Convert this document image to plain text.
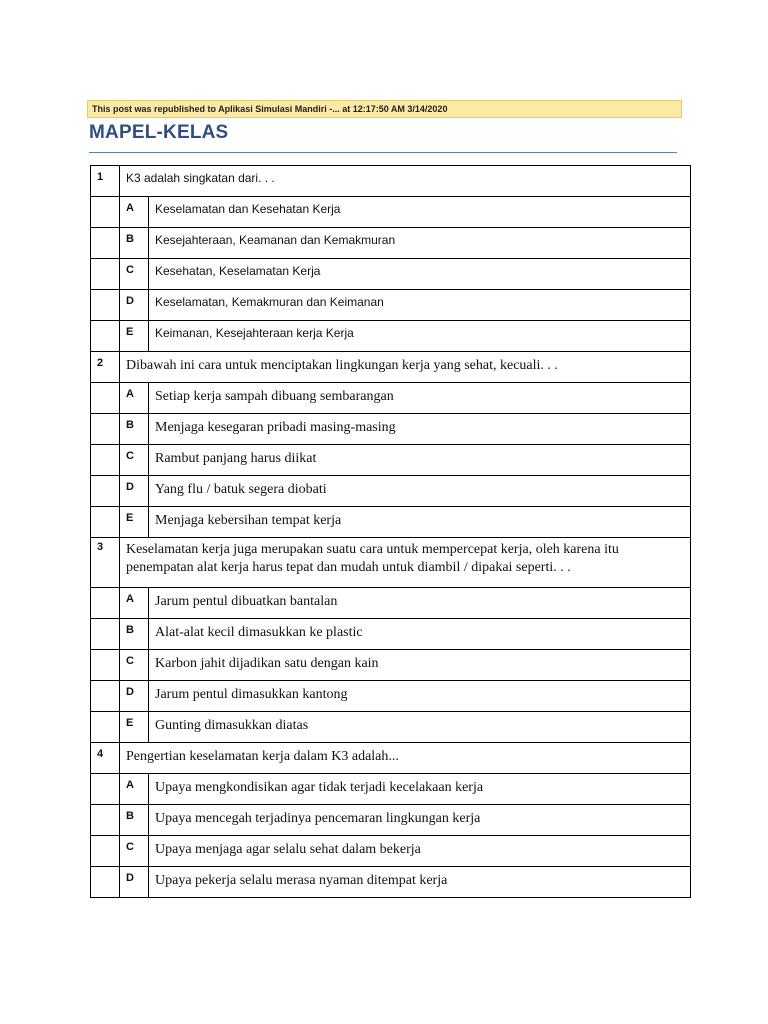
This post was republished to Aplikasi Simulasi Mandiri -... at 12:17:50 AM 3/14/2020
MAPEL-KELAS
1	K3 adalah singkatan dari. . .	
	A	Keselamatan dan Kesehatan Kerja
	B	Kesejahteraan, Keamanan dan Kemakmuran
	C	Kesehatan, Keselamatan Kerja
	D	Keselamatan, Kemakmuran dan Keimanan
	E	Keimanan, Kesejahteraan kerja Kerja
2	Dibawah ini cara untuk menciptakan lingkungan kerja yang sehat, kecuali. . .	
	A	Setiap kerja sampah dibuang sembarangan
	B	Menjaga kesegaran pribadi masing-masing
	C	Rambut panjang harus diikat
	D	Yang flu / batuk segera diobati
	E	Menjaga kebersihan tempat kerja
3	Keselamatan kerja juga merupakan suatu cara untuk mempercepat kerja, oleh karena itu penempatan alat kerja harus tepat dan mudah untuk diambil / dipakai seperti. . .	
	A	Jarum pentul dibuatkan bantalan
	B	Alat-alat kecil dimasukkan ke plastic
	C	Karbon jahit dijadikan satu dengan kain
	D	Jarum pentul dimasukkan kantong
	E	Gunting dimasukkan diatas
4	Pengertian keselamatan kerja dalam K3 adalah...	
	A	Upaya mengkondisikan agar tidak terjadi kecelakaan kerja
	B	Upaya mencegah terjadinya pencemaran lingkungan kerja
	C	Upaya menjaga agar selalu sehat dalam bekerja
	D	Upaya pekerja selalu merasa nyaman ditempat kerja
